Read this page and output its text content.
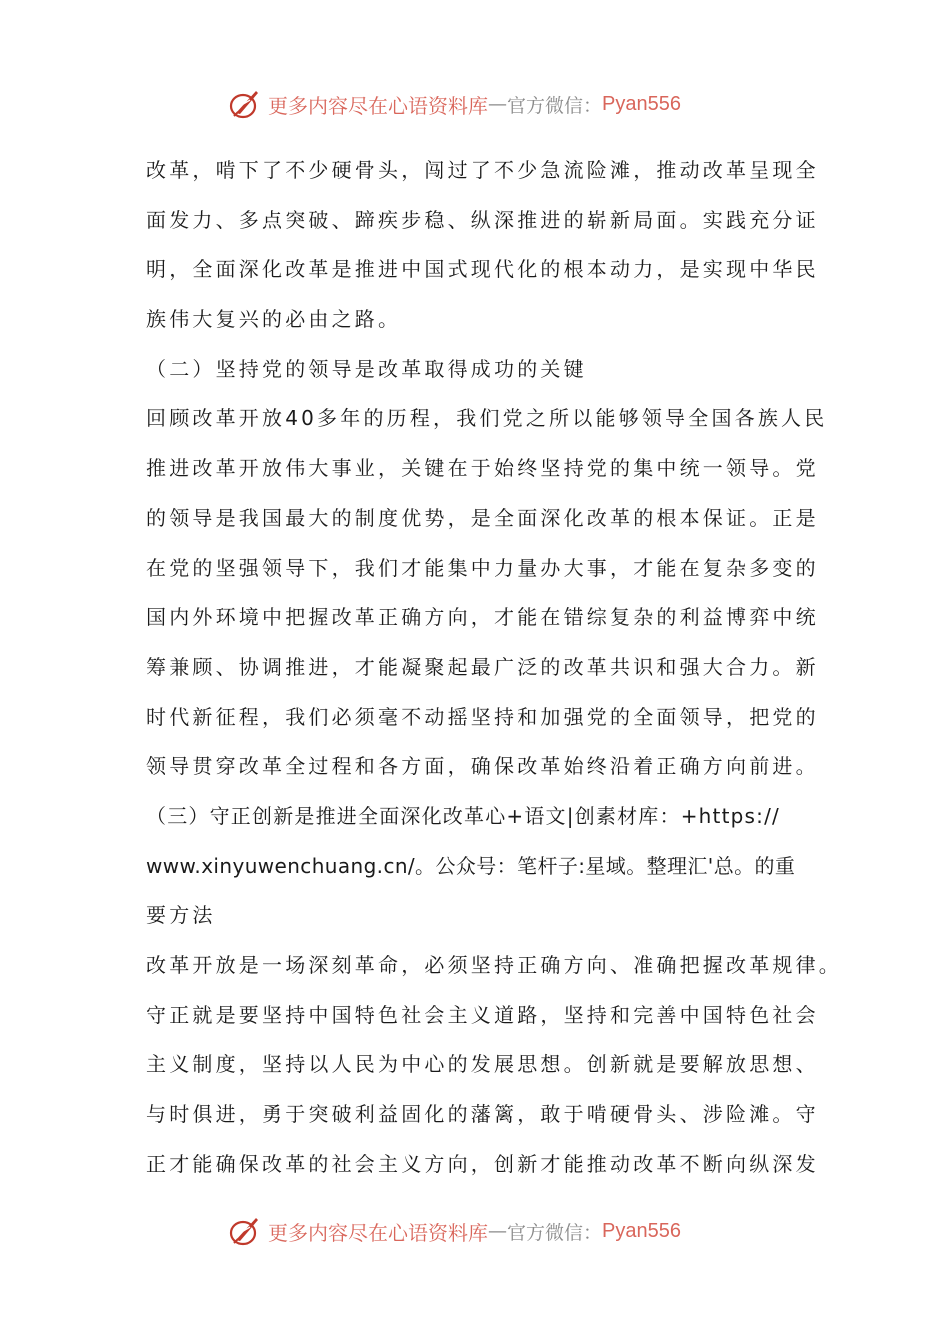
更多内容尽在心语资料库 — 官方微信： Pyan556
改革，啃下了不少硬骨头，闯过了不少急流险滩，推动改革呈现全
面发力、多点突破、蹄疾步稳、纵深推进的崭新局面。实践充分证
明，全面深化改革是推进中国式现代化的根本动力，是实现中华民
族伟大复兴的必由之路。
（二）坚持党的领导是改革取得成功的关键
回顾改革开放40多年的历程，我们党之所以能够领导全国各族人民
推进改革开放伟大事业，关键在于始终坚持党的集中统一领导。党
的领导是我国最大的制度优势，是全面深化改革的根本保证。正是
在党的坚强领导下，我们才能集中力量办大事，才能在复杂多变的
国内外环境中把握改革正确方向，才能在错综复杂的利益博弈中统
筹兼顾、协调推进，才能凝聚起最广泛的改革共识和强大合力。新
时代新征程，我们必须毫不动摇坚持和加强党的全面领导，把党的
领导贯穿改革全过程和各方面，确保改革始终沿着正确方向前进。
（三）守正创新是推进全面深化改革心+语文|创素材库：+https://
www.xinyuwenchuang.cn/。公众号：笔杆子:星域。整理汇'总。的重
要方法
改革开放是一场深刻革命，必须坚持正确方向、准确把握改革规律。
守正就是要坚持中国特色社会主义道路，坚持和完善中国特色社会
主义制度，坚持以人民为中心的发展思想。创新就是要解放思想、
与时俱进，勇于突破利益固化的藩篱，敢于啃硬骨头、涉险滩。守
正才能确保改革的社会主义方向，创新才能推动改革不断向纵深发
更多内容尽在心语资料库 — 官方微信： Pyan556
